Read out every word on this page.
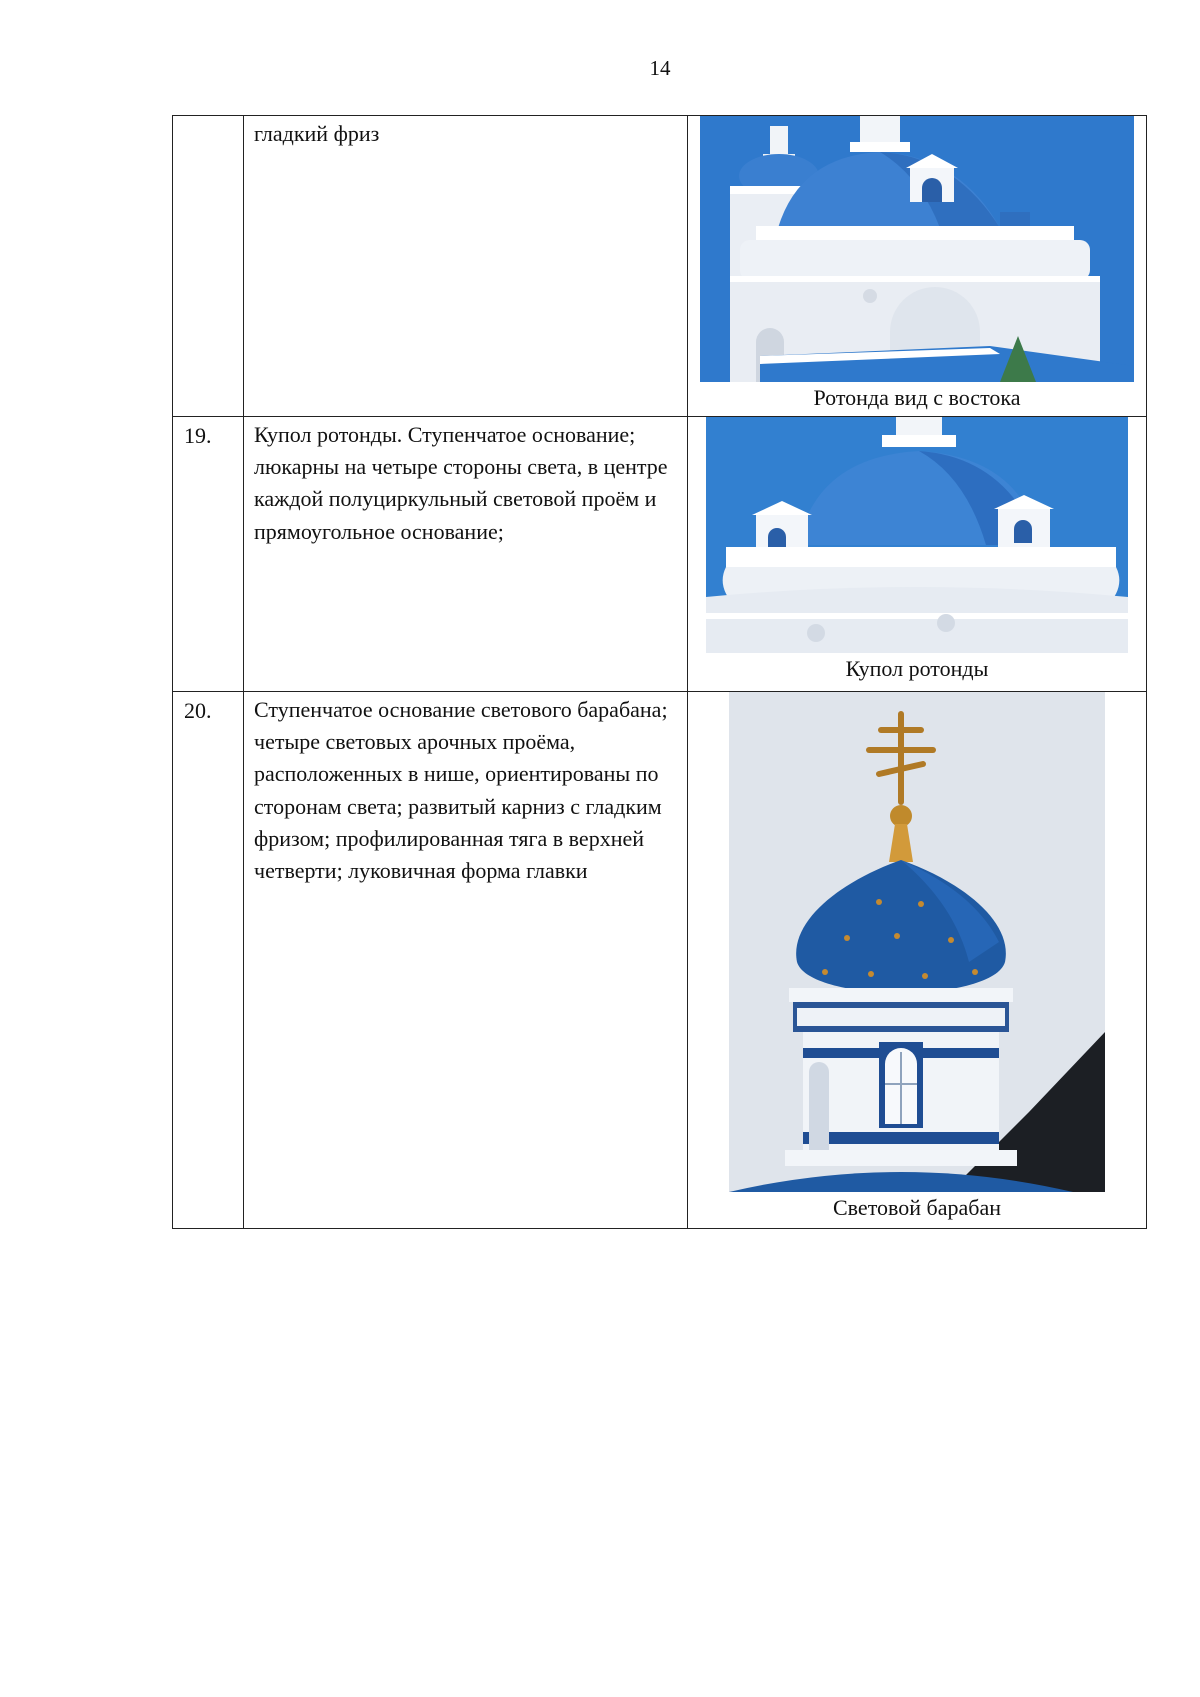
14

	гладкий фриз	Ротонда вид с востока

19.	Купол ротонды. Ступенчатое основание; люкарны на четыре стороны света, в центре каждой полуциркульный световой проём и прямоугольное основание;	Купол ротонды

20.	Ступенчатое основание светового барабана; четыре световых арочных проёма, расположенных в нише, ориентированы по сторонам света; развитый карниз с гладким фризом; профилированная тяга в верхней четверти; луковичная форма главки	Световой барабан
